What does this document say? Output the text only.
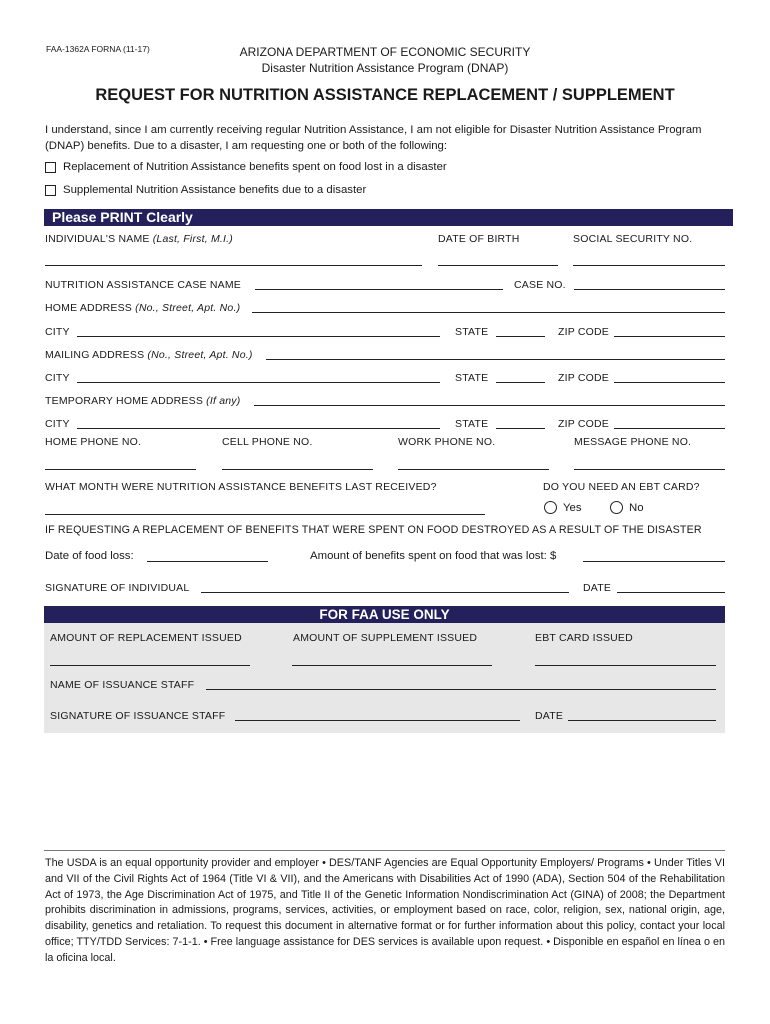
FAA-1362A FORNA (11-17)	ARIZONA DEPARTMENT OF ECONOMIC SECURITY
Disaster Nutrition Assistance Program (DNAP)
REQUEST FOR NUTRITION ASSISTANCE REPLACEMENT / SUPPLEMENT
I understand, since I am currently receiving regular Nutrition Assistance, I am not eligible for Disaster Nutrition Assistance Program (DNAP) benefits. Due to a disaster, I am requesting one or both of the following:
Replacement of Nutrition Assistance benefits spent on food lost in a disaster
Supplemental Nutrition Assistance benefits due to a disaster
Please PRINT Clearly
INDIVIDUAL'S NAME (Last, First, M.I.)	DATE OF BIRTH	SOCIAL SECURITY NO.
NUTRITION ASSISTANCE CASE NAME	CASE NO.
HOME ADDRESS (No., Street, Apt. No.)
CITY	STATE	ZIP CODE
MAILING ADDRESS (No., Street, Apt. No.)
CITY	STATE	ZIP CODE
TEMPORARY HOME ADDRESS (If any)
CITY	STATE	ZIP CODE
HOME PHONE NO.	CELL PHONE NO.	WORK PHONE NO.	MESSAGE PHONE NO.
WHAT MONTH WERE NUTRITION ASSISTANCE BENEFITS LAST RECEIVED?	DO YOU NEED AN EBT CARD?
Yes	No
IF REQUESTING A REPLACEMENT OF BENEFITS THAT WERE SPENT ON FOOD DESTROYED AS A RESULT OF THE DISASTER
Date of food loss:	Amount of benefits spent on food that was lost: $
SIGNATURE OF INDIVIDUAL	DATE
FOR FAA USE ONLY
AMOUNT OF REPLACEMENT ISSUED	AMOUNT OF SUPPLEMENT ISSUED	EBT CARD ISSUED
NAME OF ISSUANCE STAFF
SIGNATURE OF ISSUANCE STAFF	DATE
The USDA is an equal opportunity provider and employer • DES/TANF Agencies are Equal Opportunity Employers/ Programs • Under Titles VI and VII of the Civil Rights Act of 1964 (Title VI & VII), and the Americans with Disabilities Act of 1990 (ADA), Section 504 of the Rehabilitation Act of 1973, the Age Discrimination Act of 1975, and Title II of the Genetic Information Nondiscrimination Act (GINA) of 2008; the Department prohibits discrimination in admissions, programs, services, activities, or employment based on race, color, religion, sex, national origin, age, disability, genetics and retaliation. To request this document in alternative format or for further information about this policy, contact your local office; TTY/TDD Services: 7-1-1. • Free language assistance for DES services is available upon request. • Disponible en español en línea o en la oficina local.
